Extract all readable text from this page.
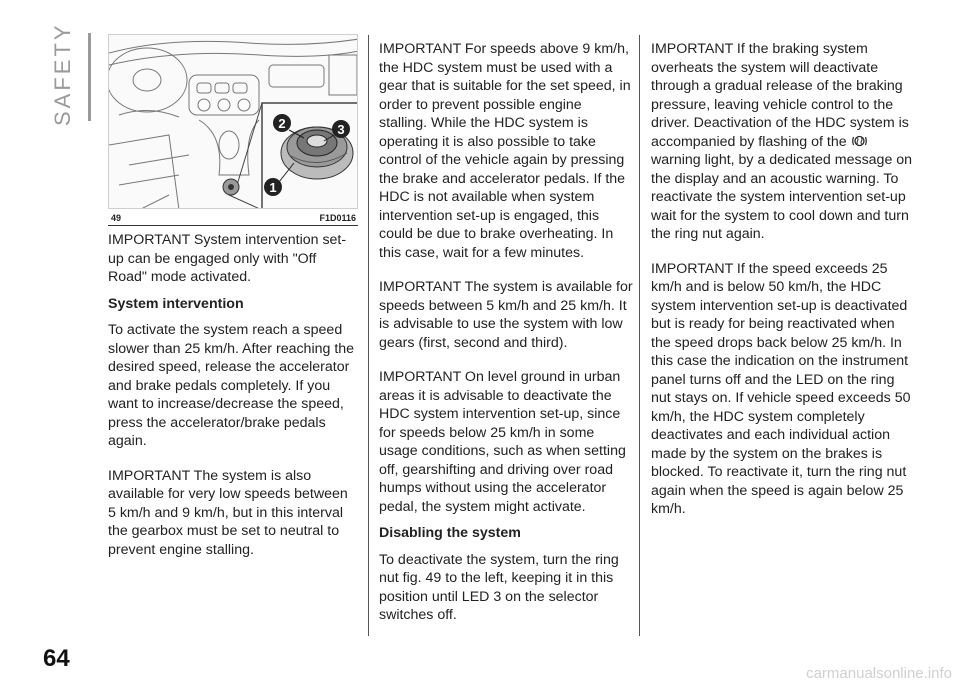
SAFETY
1
2	3
49	F1D0116

IMPORTANT System intervention set-up can be engaged only with "Off Road" mode activated.

System intervention

To activate the system reach a speed slower than 25 km/h. After reaching the desired speed, release the accelerator and brake pedals completely. If you want to increase/decrease the speed, press the accelerator/brake pedals again.

IMPORTANT The system is also available for very low speeds between 5 km/h and 9 km/h, but in this interval the gearbox must be set to neutral to prevent engine stalling.

IMPORTANT For speeds above 9 km/h, the HDC system must be used with a gear that is suitable for the set speed, in order to prevent possible engine stalling. While the HDC system is operating it is also possible to take control of the vehicle again by pressing the brake and accelerator pedals. If the HDC is not available when system intervention set-up is engaged, this could be due to brake overheating. In this case, wait for a few minutes.

IMPORTANT The system is available for speeds between 5 km/h and 25 km/h. It is advisable to use the system with low gears (first, second and third).

IMPORTANT On level ground in urban areas it is advisable to deactivate the HDC system intervention set-up, since for speeds below 25 km/h in some usage conditions, such as when setting off, gearshifting and driving over road humps without using the accelerator pedal, the system might activate.

Disabling the system

To deactivate the system, turn the ring nut fig. 49 to the left, keeping it in this position until LED 3 on the selector switches off.

IMPORTANT If the braking system overheats the system will deactivate through a gradual release of the braking pressure, leaving vehicle control to the driver. Deactivation of the HDC system is accompanied by flashing of the  warning light, by a dedicated message on the display and an acoustic warning. To reactivate the system intervention set-up wait for the system to cool down and turn the ring nut again.

IMPORTANT If the speed exceeds 25 km/h and is below 50 km/h, the HDC system intervention set-up is deactivated but is ready for being reactivated when the speed drops back below 25 km/h. In this case the indication on the instrument panel turns off and the LED on the ring nut stays on. If vehicle speed exceeds 50 km/h, the HDC system completely deactivates and each individual action made by the system on the brakes is blocked. To reactivate it, turn the ring nut again when the speed is again below 25 km/h.

64
carmanualsonline.info
